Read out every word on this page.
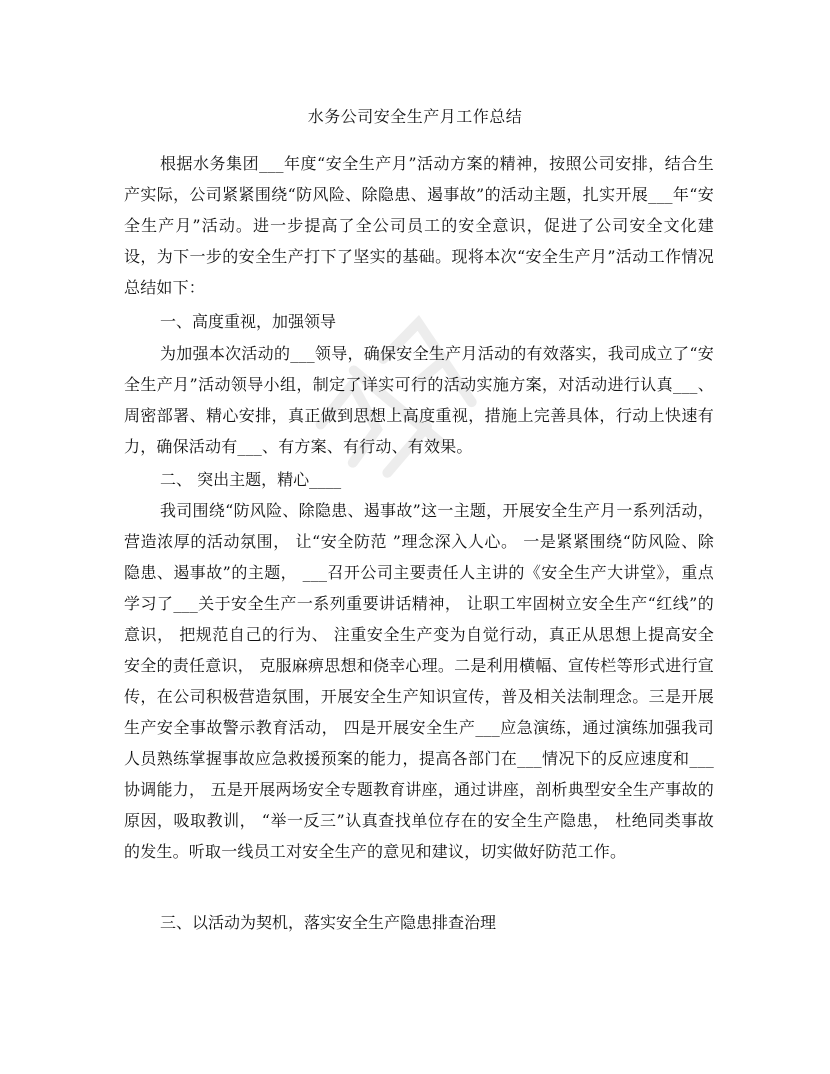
水务公司安全生产月工作总结
根据水务集团___年度“安全生产月”活动方案的精神，按照公司安排，结合生产实际，公司紧紧围绕“防风险、除隐患、遏事故”的活动主题，扎实开展___年“安全生产月”活动。进一步提高了全公司员工的安全意识，促进了公司安全文化建设，为下一步的安全生产打下了坚实的基础。现将本次“安全生产月”活动工作情况总结如下：
一、高度重视，加强领导
为加强本次活动的___领导，确保安全生产月活动的有效落实，我司成立了“安全生产月”活动领导小组，制定了详实可行的活动实施方案，对活动进行认真___、周密部署、精心安排，真正做到思想上高度重视，措施上完善具体，行动上快速有力，确保活动有___、有方案、有行动、有效果。
二、 突出主题，精心____
我司围绕“防风险、除隐患、遏事故”这一主题，开展安全生产月一系列活动， 营造浓厚的活动氛围， 让“安全防范 ”理念深入人心。 一是紧紧围绕“防风险、除隐患、遏事故”的主题， ___召开公司主要责任人主讲的《安全生产大讲堂》，重点学习了___关于安全生产一系列重要讲话精神， 让职工牢固树立安全生产“红线”的意识， 把规范自己的行为、 注重安全生产变为自觉行动，真正从思想上提高安全安全的责任意识， 克服麻痹思想和侥幸心理。二是利用横幅、宣传栏等形式进行宣传，在公司积极营造氛围，开展安全生产知识宣传，普及相关法制理念。三是开展生产安全事故警示教育活动， 四是开展安全生产___应急演练，通过演练加强我司人员熟练掌握事故应急救援预案的能力，提高各部门在___情况下的反应速度和___协调能力， 五是开展两场安全专题教育讲座，通过讲座，剖析典型安全生产事故的原因，吸取教训， “举一反三”认真查找单位存在的安全生产隐患， 杜绝同类事故的发生。听取一线员工对安全生产的意见和建议，切实做好防范工作。
三、以活动为契机，落实安全生产隐患排查治理
